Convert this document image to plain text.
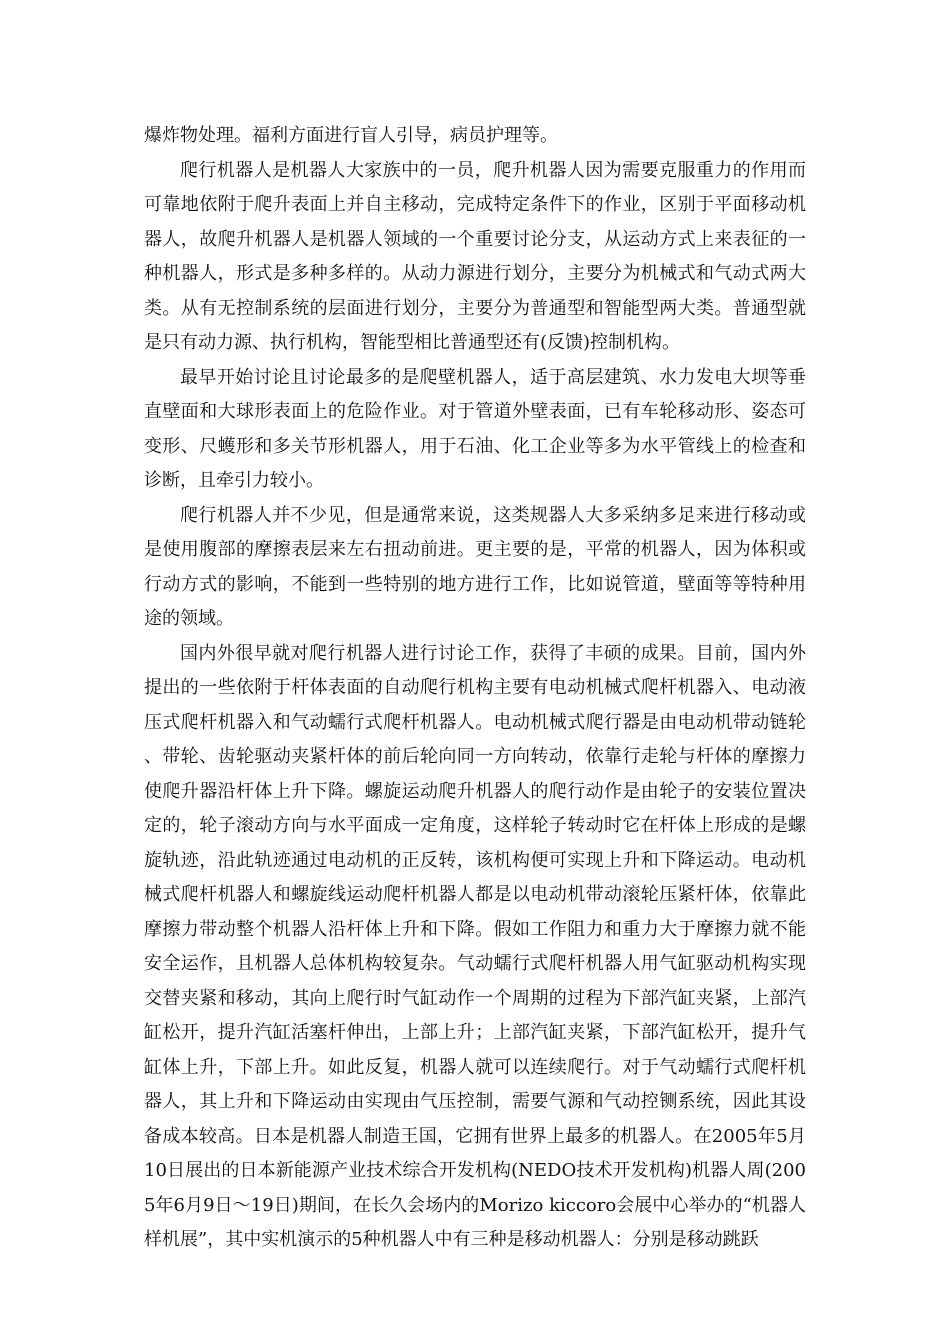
爆炸物处理。福利方面进行盲人引导，病员护理等。

爬行机器人是机器人大家族中的一员，爬升机器人因为需要克服重力的作用而可靠地依附于爬升表面上并自主移动，完成特定条件下的作业，区别于平面移动机器人，故爬升机器人是机器人领域的一个重要讨论分支，从运动方式上来表征的一种机器人，形式是多种多样的。从动力源进行划分，主要分为机械式和气动式两大类。从有无控制系统的层面进行划分，主要分为普通型和智能型两大类。普通型就是只有动力源、执行机构，智能型相比普通型还有(反馈)控制机构。

最早开始讨论且讨论最多的是爬壁机器人，适于高层建筑、水力发电大坝等垂直壁面和大球形表面上的危险作业。对于管道外壁表面，已有车轮移动形、姿态可变形、尺蠖形和多关节形机器人，用于石油、化工企业等多为水平管线上的检查和诊断，且牵引力较小。

爬行机器人并不少见，但是通常来说，这类规器人大多采纳多足来进行移动或是使用腹部的摩擦表层来左右扭动前进。更主要的是，平常的机器人，因为体积或行动方式的影响，不能到一些特别的地方进行工作，比如说管道，壁面等等特种用途的领域。

国内外很早就对爬行机器人进行讨论工作，获得了丰硕的成果。目前，国内外提出的一些依附于杆体表面的自动爬行机构主要有电动机械式爬杆机器入、电动液压式爬杆机器入和气动蠕行式爬杆机器人。电动机械式爬行器是由电动机带动链轮、带轮、齿轮驱动夹紧杆体的前后轮向同一方向转动，依靠行走轮与杆体的摩擦力使爬升器沿杆体上升下降。螺旋运动爬升机器人的爬行动作是由轮子的安装位置决定的，轮子滚动方向与水平面成一定角度，这样轮子转动时它在杆体上形成的是螺旋轨迹，沿此轨迹通过电动机的正反转，该机构便可实现上升和下降运动。电动机械式爬杆机器人和螺旋线运动爬杆机器人都是以电动机带动滚轮压紧杆体，依靠此摩擦力带动整个机器人沿杆体上升和下降。假如工作阻力和重力大于摩擦力就不能安全运作，且机器人总体机构较复杂。气动蠕行式爬杆机器人用气缸驱动机构实现交替夹紧和移动，其向上爬行时气缸动作一个周期的过程为下部汽缸夹紧，上部汽缸松开，提升汽缸活塞杆伸出，上部上升；上部汽缸夹紧，下部汽缸松开，提升气缸体上升，下部上升。如此反复，机器人就可以连续爬行。对于气动蠕行式爬杆机器人，其上升和下降运动由实现由气压控制，需要气源和气动控铡系统，因此其设备成本较高。日本是机器人制造王国，它拥有世界上最多的机器人。在2005年5月10日展出的日本新能源产业技术综合开发机构(NEDO技术开发机构)机器人周(2005年6月9日～19日)期间，在长久会场内的Morizo kiccoro会展中心举办的“机器人样机展”，其中实机演示的5种机器人中有三种是移动机器人：分别是移动跳跃
